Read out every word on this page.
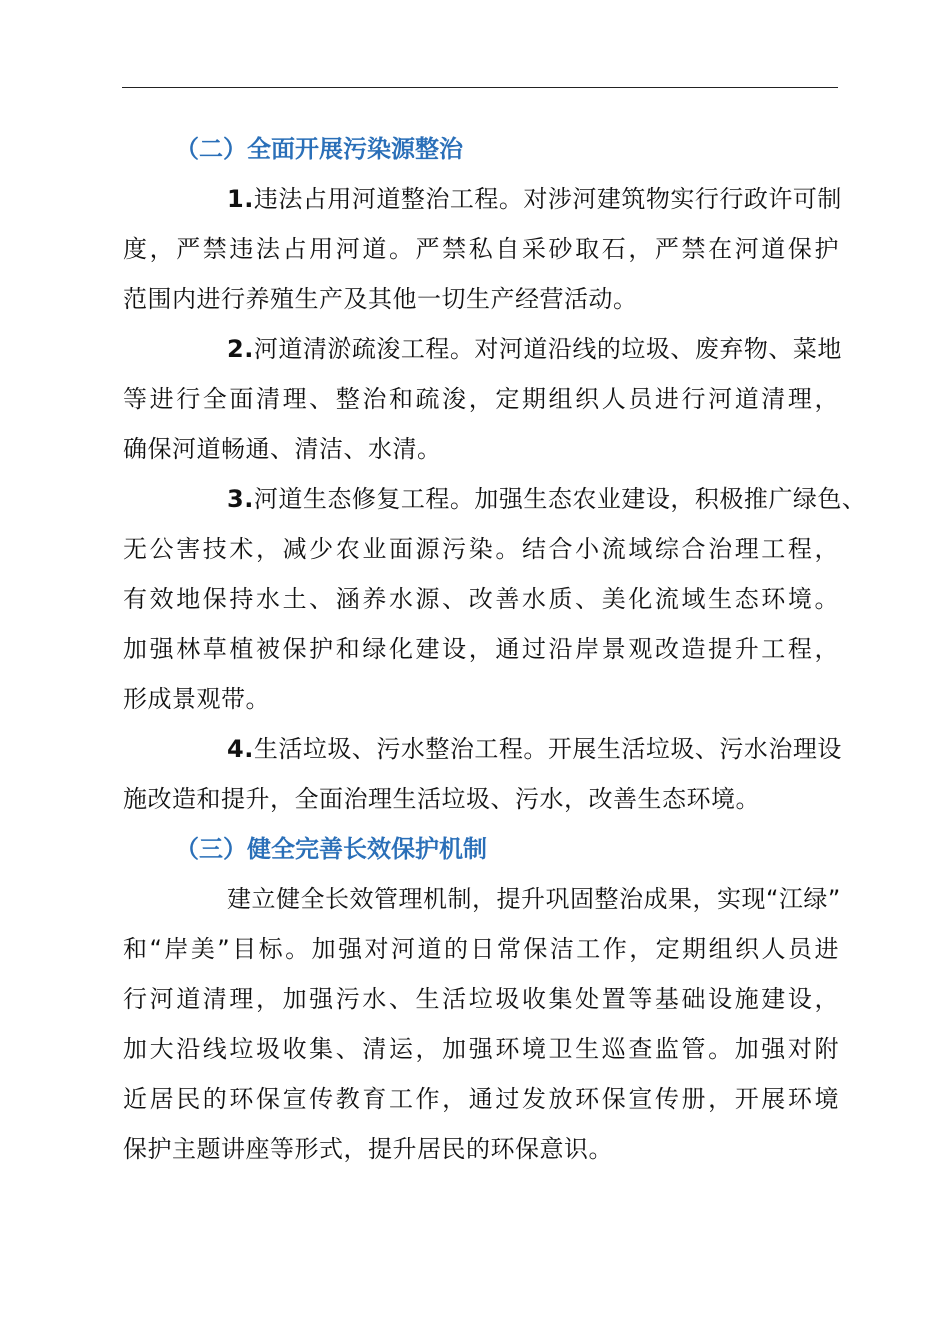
（二）全面开展污染源整治

1.违法占用河道整治工程。对涉河建筑物实行行政许可制 度，严禁违法占用河道。严禁私自采砂取石，严禁在河道保护 范围内进行养殖生产及其他一切生产经营活动。

2.河道清淤疏浚工程。对河道沿线的垃圾、废弃物、菜地 等进行全面清理、整治和疏浚，定期组织人员进行河道清理， 确保河道畅通、清洁、水清。

3.河道生态修复工程。加强生态农业建设，积极推广绿色、 无公害技术，减少农业面源污染。结合小流域综合治理工程， 有效地保持水土、涵养水源、改善水质、美化流域生态环境。 加强林草植被保护和绿化建设，通过沿岸景观改造提升工程， 形成景观带。

4.生活垃圾、污水整治工程。开展生活垃圾、污水治理设 施改造和提升，全面治理生活垃圾、污水，改善生态环境。

（三）健全完善长效保护机制

建立健全长效管理机制，提升巩固整治成果，实现“江绿” 和“岸美”目标。加强对河道的日常保洁工作，定期组织人员进 行河道清理，加强污水、生活垃圾收集处置等基础设施建设， 加大沿线垃圾收集、清运，加强环境卫生巡查监管。加强对附 近居民的环保宣传教育工作，通过发放环保宣传册，开展环境 保护主题讲座等形式，提升居民的环保意识。
